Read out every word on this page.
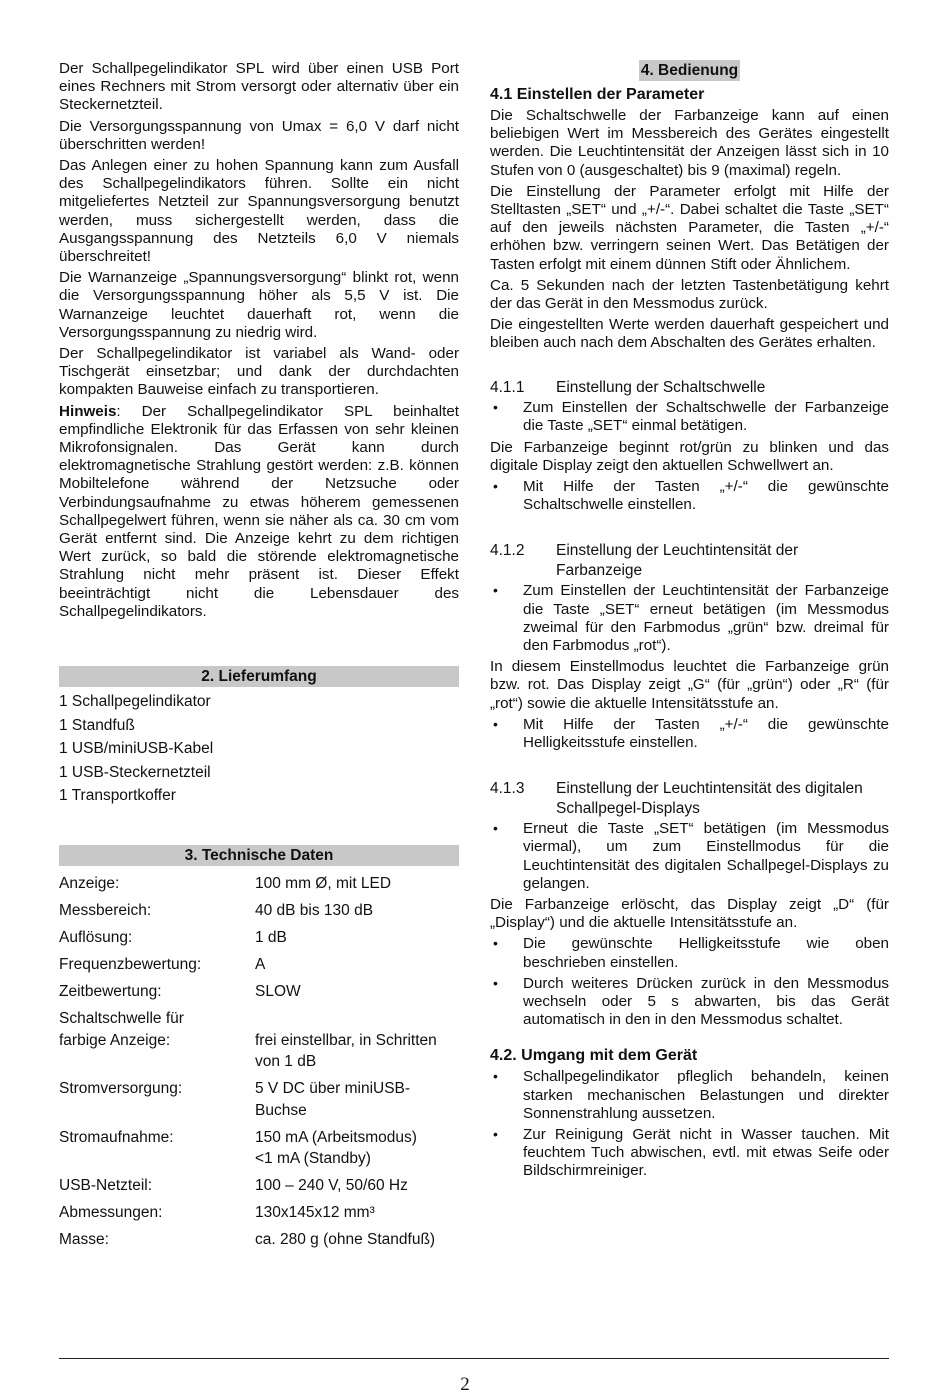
Der Schallpegelindikator SPL wird über einen USB Port eines Rechners mit Strom versorgt oder alternativ über ein Steckernetzteil.

Die Versorgungsspannung von Umax = 6,0 V darf nicht überschritten werden!

Das Anlegen einer zu hohen Spannung kann zum Ausfall des Schallpegelindikators führen. Sollte ein nicht mitgeliefertes Netzteil zur Spannungsversorgung benutzt werden, muss sichergestellt werden, dass die Ausgangsspannung des Netzteils 6,0 V niemals überschreitet!

Die Warnanzeige „Spannungsversorgung“ blinkt rot, wenn die Versorgungsspannung höher als 5,5 V ist. Die Warnanzeige leuchtet dauerhaft rot, wenn die Versorgungsspannung zu niedrig wird.

Der Schallpegelindikator ist variabel als Wand- oder Tischgerät einsetzbar; und dank der durchdachten kompakten Bauweise einfach zu transportieren.

Hinweis: Der Schallpegelindikator SPL beinhaltet empfindliche Elektronik für das Erfassen von sehr kleinen Mikrofonsignalen. Das Gerät kann durch elektromagnetische Strahlung gestört werden: z.B. können Mobiltelefone während der Netzsuche oder Verbindungsaufnahme zu etwas höherem gemessenen Schallpegelwert führen, wenn sie näher als ca. 30 cm vom Gerät entfernt sind. Die Anzeige kehrt zu dem richtigen Wert zurück, so bald die störende elektromagnetische Strahlung nicht mehr präsent ist. Dieser Effekt beeinträchtigt nicht die Lebensdauer des Schallpegelindikators.

2. Lieferumfang
1 Schallpegelindikator
1 Standfuß
1 USB/miniUSB-Kabel
1 USB-Steckernetzteil
1 Transportkoffer
3. Technische Daten
Anzeige:	100 mm Ø, mit LED
Messbereich:	40 dB bis 130 dB
Auflösung:	1 dB
Frequenzbewertung:	A
Zeitbewertung:	SLOW
Schaltschwelle für
farbige Anzeige:	
frei einstellbar, in Schritten von 1 dB
Stromversorgung:	5 V DC über miniUSB-Buchse
Stromaufnahme:	150 mA (Arbeitsmodus)
<1 mA (Standby)
USB-Netzteil:	100 – 240 V, 50/60 Hz
Abmessungen:	130x145x12 mm³
Masse:	ca. 280 g (ohne Standfuß)
4. Bedienung
4.1 Einstellen der Parameter

Die Schaltschwelle der Farbanzeige kann auf einen beliebigen Wert im Messbereich des Gerätes eingestellt werden. Die Leuchtintensität der Anzeigen lässt sich in 10 Stufen von 0 (ausgeschaltet) bis 9 (maximal) regeln.

Die Einstellung der Parameter erfolgt mit Hilfe der Stelltasten „SET“ und „+/-“. Dabei schaltet die Taste „SET“ auf den jeweils nächsten Parameter, die Tasten „+/-“ erhöhen bzw. verringern seinen Wert. Das Betätigen der Tasten erfolgt mit einem dünnen Stift oder Ähnlichem.

Ca. 5 Sekunden nach der letzten Tastenbetätigung kehrt der das Gerät in den Messmodus zurück.

Die eingestellten Werte werden dauerhaft gespeichert und bleiben auch nach dem Abschalten des Gerätes erhalten.

4.1.1	Einstellung der Schaltschwelle

• Zum Einstellen der Schaltschwelle der Farbanzeige die Taste „SET“ einmal betätigen.

Die Farbanzeige beginnt rot/grün zu blinken und das digitale Display zeigt den aktuellen Schwellwert an.

• Mit Hilfe der Tasten „+/-“ die gewünschte Schaltschwelle einstellen.

4.1.2	Einstellung der Leuchtintensität der Farbanzeige

• Zum Einstellen der Leuchtintensität der Farbanzeige die Taste „SET“ erneut betätigen (im Messmodus zweimal für den Farbmodus „grün“ bzw. dreimal für den Farbmodus „rot“).

In diesem Einstellmodus leuchtet die Farbanzeige grün bzw. rot. Das Display zeigt „G“ (für „grün“) oder „R“ (für „rot“) sowie die aktuelle Intensitätsstufe an.

• Mit Hilfe der Tasten „+/-“ die gewünschte Helligkeitsstufe einstellen.

4.1.3	Einstellung der Leuchtintensität des digitalen Schallpegel-Displays

• Erneut die Taste „SET“ betätigen (im Messmodus viermal), um zum Einstellmodus für die Leuchtintensität des digitalen Schallpegel-Displays zu gelangen.

Die Farbanzeige erlöscht, das Display zeigt „D“ (für „Display“) und die aktuelle Intensitätsstufe an.

• Die gewünschte Helligkeitsstufe wie oben beschrieben einstellen.

• Durch weiteres Drücken zurück in den Messmodus wechseln oder 5 s abwarten, bis das Gerät automatisch in den in den Messmodus schaltet.

4.2. Umgang mit dem Gerät

• Schallpegelindikator pfleglich behandeln, keinen starken mechanischen Belastungen und direkter Sonnenstrahlung aussetzen.

• Zur Reinigung Gerät nicht in Wasser tauchen. Mit feuchtem Tuch abwischen, evtl. mit etwas Seife oder Bildschirmreiniger.

2
